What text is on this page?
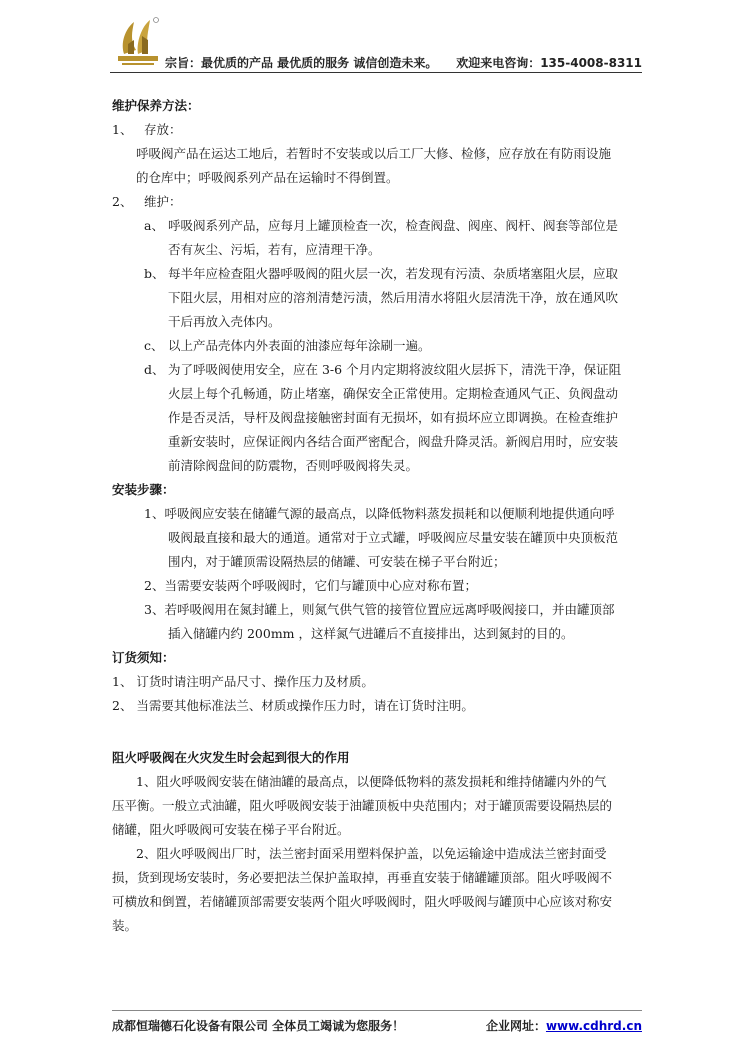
宗旨：最优质的产品 最优质的服务 诚信创造未来。 欢迎来电咨询：135-4008-8311
维护保养方法：
1、 存放：

呼吸阀产品在运达工地后，若暂时不安装或以后工厂大修、检修，应存放在有防雨设施
的仓库中；呼吸阀系列产品在运输时不得倒置。
2、 维护：

a、 呼吸阀系列产品，应每月上罐顶检查一次，检查阀盘、阀座、阀杆、阀套等部位是
否有灰尘、污垢，若有，应清理干净。
b、 每半年应检查阻火器呼吸阀的阻火层一次，若发现有污渍、杂质堵塞阻火层，应取
下阻火层，用相对应的溶剂清楚污渍，然后用清水将阻火层清洗干净，放在通风吹
干后再放入壳体内。
c、 以上产品壳体内外表面的油漆应每年涂刷一遍。
d、 为了呼吸阀使用安全，应在 3-6 个月内定期将波纹阻火层拆下，清洗干净，保证阻
火层上每个孔畅通，防止堵塞，确保安全正常使用。定期检查通风气正、负阀盘动
作是否灵活，导杆及阀盘接触密封面有无损坏，如有损坏应立即调换。在检查维护
重新安装时，应保证阀内各结合面严密配合，阀盘升降灵活。新阀启用时，应安装
前清除阀盘间的防震物，否则呼吸阀将失灵。
安装步骤：
1、呼吸阀应安装在储罐气源的最高点，以降低物料蒸发损耗和以便顺利地提供通向呼
吸阀最直接和最大的通道。通常对于立式罐，呼吸阀应尽量安装在罐顶中央顶板范
围内，对于罐顶需设隔热层的储罐、可安装在梯子平台附近；
2、当需要安装两个呼吸阀时，它们与罐顶中心应对称布置；
3、若呼吸阀用在氮封罐上，则氮气供气管的接管位置应远离呼吸阀接口，并由罐顶部
插入储罐内约 200mm ，这样氮气进罐后不直接排出，达到氮封的目的。
订货须知：
1、 订货时请注明产品尺寸、操作压力及材质。
2、 当需要其他标准法兰、材质或操作压力时，请在订货时注明。
阻火呼吸阀在火灾发生时会起到很大的作用
1、阻火呼吸阀安装在储油罐的最高点，以便降低物料的蒸发损耗和维持储罐内外的气
压平衡。一般立式油罐，阻火呼吸阀安装于油罐顶板中央范围内；对于罐顶需要设隔热层的
储罐，阻火呼吸阀可安装在梯子平台附近。
2、阻火呼吸阀出厂时，法兰密封面采用塑料保护盖，以免运输途中造成法兰密封面受
损，货到现场安装时，务必要把法兰保护盖取掉，再垂直安装于储罐罐顶部。阻火呼吸阀不
可横放和倒置，若储罐顶部需要安装两个阻火呼吸阀时，阻火呼吸阀与罐顶中心应该对称安
装。
成都恒瑞德石化设备有限公司 全体员工竭诚为您服务！	企业网址：www.cdhrd.cn
